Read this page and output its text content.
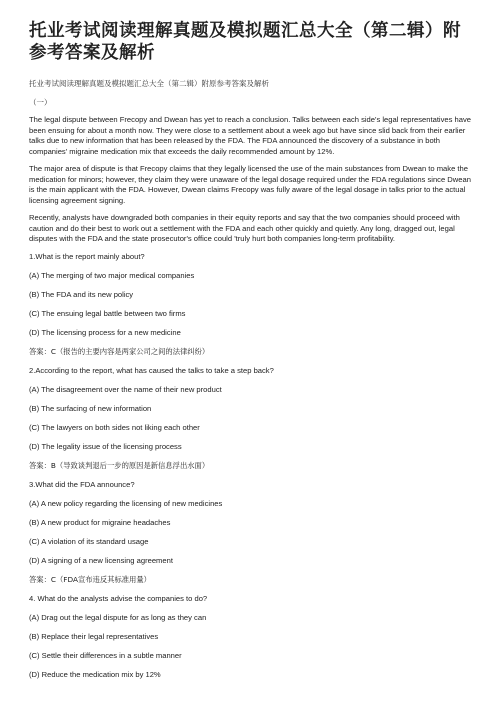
托业考试阅读理解真题及模拟题汇总大全（第二辑）附参考答案及解析
托业考试阅读理解真题及模拟题汇总大全（第二辑）附原参考答案及解析
（一）

The legal dispute between Frecopy and Dwean has yet to reach a conclusion. Talks between each side's legal representatives have been ensuing for about a month now. They were close to a settlement about a week ago but have since slid back from their earlier talks due to new information that has been released by the FDA. The FDA announced the discovery of a substance in both companies' migraine medication mix that exceeds the daily recommended amount by 12%.

The major area of dispute is that Frecopy claims that they legally licensed the use of the main substances from Dwean to make the medication for minors; however, they claim they were unaware of the legal dosage required under the FDA regulations since Dwean is the main applicant with the FDA. However, Dwean claims Frecopy was fully aware of the legal dosage in talks prior to the actual licensing agreement signing.

Recently, analysts have downgraded both companies in their equity reports and say that the two companies should proceed with caution and do their best to work out a settlement with the FDA and each other quickly and quietly. Any long, dragged out, legal disputes with the FDA and the state prosecutor's office could 'truly hurt both companies long-term profitability.

1.What is the report mainly about?

(A) The merging of two major medical companies

(B) The FDA and its new policy

(C) The ensuing legal battle between two firms

(D) The licensing process for a new medicine

答案：C（报告的主要内容是两家公司之间的法律纠纷）

2.According to the report, what has caused the talks to take a step back?

(A) The disagreement over the name of their new product

(B) The surfacing of new information

(C) The lawyers on both sides not liking each other

(D) The legality issue of the licensing process

答案：B（导致谈判退后一步的原因是新信息浮出水面）

3.What did the FDA announce?

(A) A new policy regarding the licensing of new medicines

(B) A new product for migraine headaches

(C) A violation of its standard usage

(D) A signing of a new licensing agreement

答案：C（FDA宣布违反其标准用量）

4. What do the analysts advise the companies to do?

(A) Drag out the legal dispute for as long as they can

(B) Replace their legal representatives

(C) Settle their differences in a subtle manner

(D) Reduce the medication mix by 12%
